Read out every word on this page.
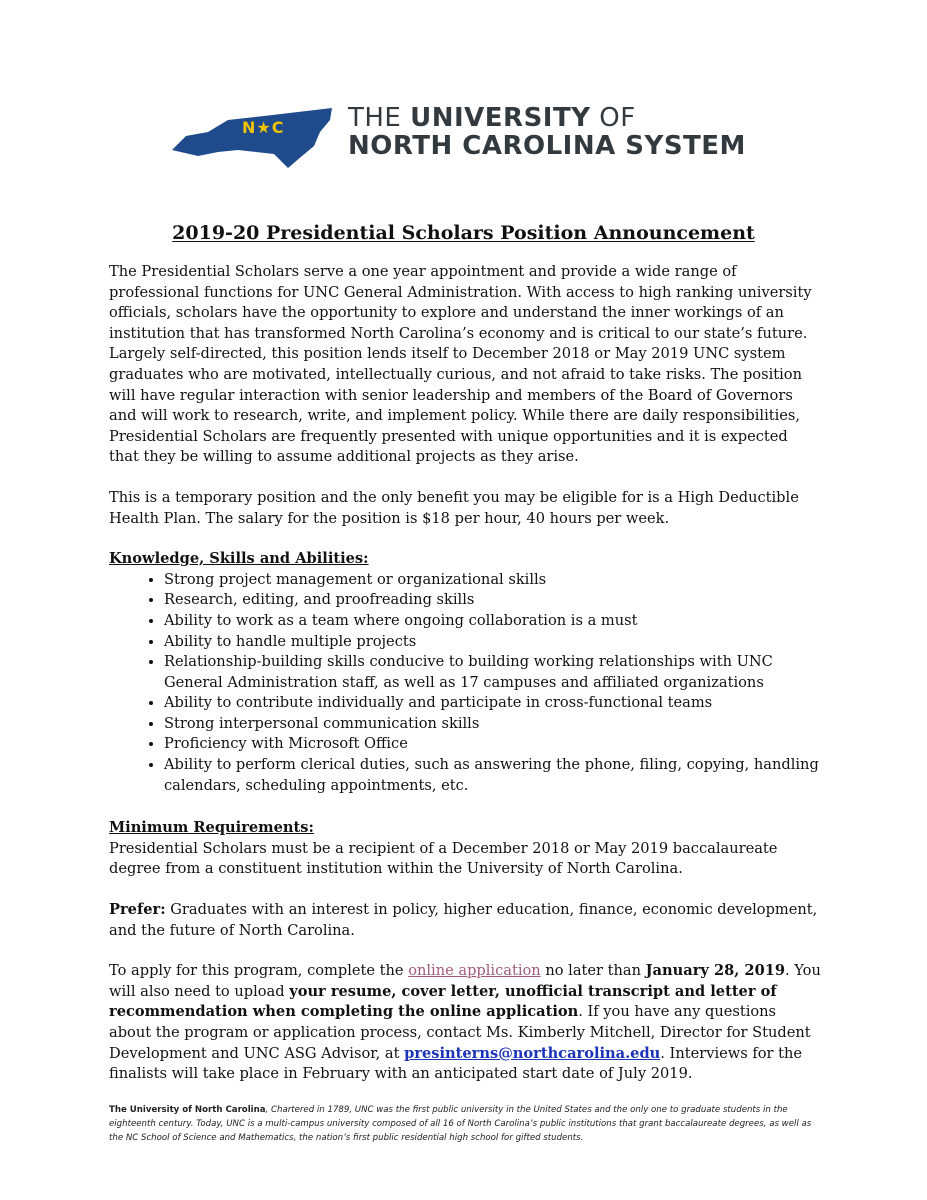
N★C THE UNIVERSITY OF
NORTH CAROLINA SYSTEM
2019-20 Presidential Scholars Position Announcement

The Presidential Scholars serve a one year appointment and provide a wide range of professional functions for UNC General Administration. With access to high ranking university officials, scholars have the opportunity to explore and understand the inner workings of an institution that has transformed North Carolina’s economy and is critical to our state’s future. Largely self-directed, this position lends itself to December 2018 or May 2019 UNC system graduates who are motivated, intellectually curious, and not afraid to take risks. The position will have regular interaction with senior leadership and members of the Board of Governors and will work to research, write, and implement policy. While there are daily responsibilities, Presidential Scholars are frequently presented with unique opportunities and it is expected that they be willing to assume additional projects as they arise.

This is a temporary position and the only benefit you may be eligible for is a High Deductible Health Plan. The salary for the position is $18 per hour, 40 hours per week.

Knowledge, Skills and Abilities:

• Strong project management or organizational skills
• Research, editing, and proofreading skills
• Ability to work as a team where ongoing collaboration is a must
• Ability to handle multiple projects
• Relationship-building skills conducive to building working relationships with UNC General Administration staff, as well as 17 campuses and affiliated organizations
• Ability to contribute individually and participate in cross-functional teams
• Strong interpersonal communication skills
• Proficiency with Microsoft Office
• Ability to perform clerical duties, such as answering the phone, filing, copying, handling calendars, scheduling appointments, etc.

Minimum Requirements:

Presidential Scholars must be a recipient of a December 2018 or May 2019 baccalaureate degree from a constituent institution within the University of North Carolina.

Prefer: Graduates with an interest in policy, higher education, finance, economic development, and the future of North Carolina.

To apply for this program, complete the online application no later than January 28, 2019. You will also need to upload your resume, cover letter, unofficial transcript and letter of recommendation when completing the online application. If you have any questions about the program or application process, contact Ms. Kimberly Mitchell, Director for Student Development and UNC ASG Advisor, at presinterns@northcarolina.edu. Interviews for the finalists will take place in February with an anticipated start date of July 2019.

The University of North Carolina, Chartered in 1789, UNC was the first public university in the United States and the only one to graduate students in the eighteenth century. Today, UNC is a multi-campus university composed of all 16 of North Carolina’s public institutions that grant baccalaureate degrees, as well as the NC School of Science and Mathematics, the nation’s first public residential high school for gifted students.
